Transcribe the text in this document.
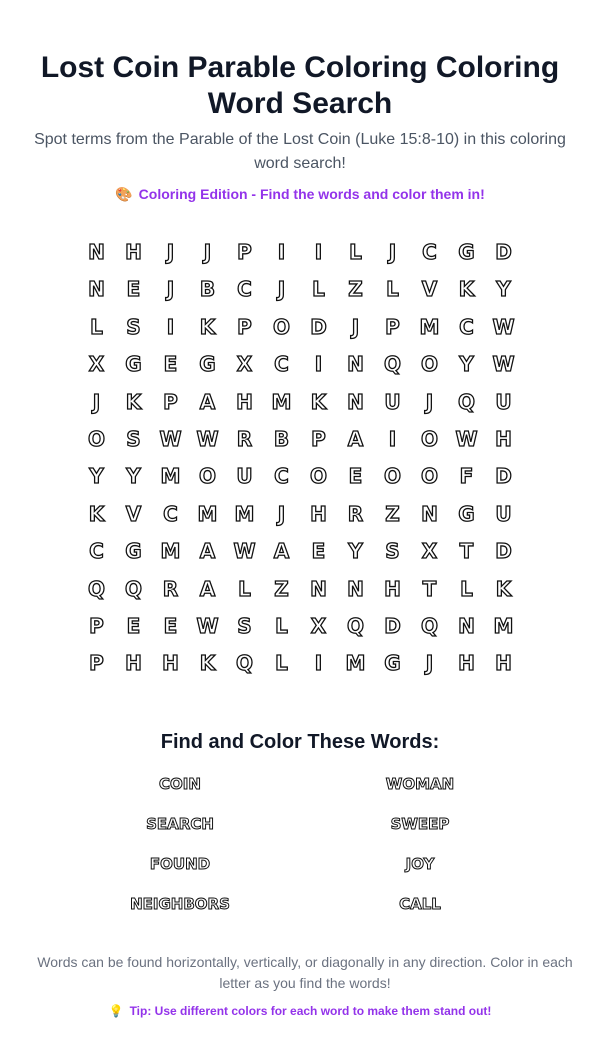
Lost Coin Parable Coloring Coloring Word Search

Spot terms from the Parable of the Lost Coin (Luke 15:8-10) in this coloring word search!

🎨 Coloring Edition - Find the words and color them in!
N	H	J	J	P	I	I	L	J	C	G	D
N	E	J	B	C	J	L	Z	L	V	K	Y
L	S	I	K	P	O	D	J	P M C W
X	G	E	G	X	C	I	N	Q O	Y W
J	K	P	A	H M K	N	U	J	Q	U
O	S W W R	B	P	A	I	O W H
Y	Y M O	U	C	O	E	O O	F	D
K	V	C M M	J	H	R	Z	N	G	U
C	G M A W A	E	Y	S	X	T	D
Q Q	R	A	L	Z	N	N	H	T	L	K
P	E	E W S	L	X	Q	D	Q	N M
P	H	H	K	Q	L	I	M G	J	H	H
Find and Color These Words:
COIN	WOMAN
SEARCH	SWEEP
FOUND	JOY
NEIGHBORS	CALL
Words can be found horizontally, vertically, or diagonally in any direction. Color in each letter as you find the words!
💡 Tip: Use different colors for each word to make them stand out!
